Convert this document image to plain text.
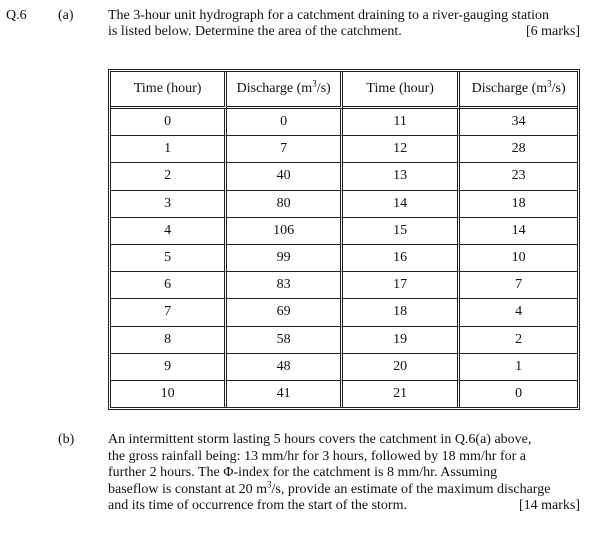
Q.6 (a) The 3-hour unit hydrograph for a catchment draining to a river-gauging station
is listed below. Determine the area of the catchment.	[6 marks]
Time (hour)	Discharge $(m^3/s)$	Time (hour)	Discharge $(m^3/s)$
0	0	11	34
1	7	12	28
2	40	13	23
3	80	14	18
4	106	15	14
5	99	16	10
6	83	17	7
7	69	18	4
8	58	19	2
9	48	20	1
10	41	21	0
(b) An intermittent storm lasting 5 hours covers the catchment in Q.6(a) above,
the gross rainfall being: 13 mm/hr for 3 hours, followed by 18 mm/hr for a
further 2 hours. The Φ-index for the catchment is 8 mm/hr. Assuming
baseflow is constant at 20 $m^3/s$, provide an estimate of the maximum discharge
and its time of occurrence from the start of the storm.	[14 marks]
